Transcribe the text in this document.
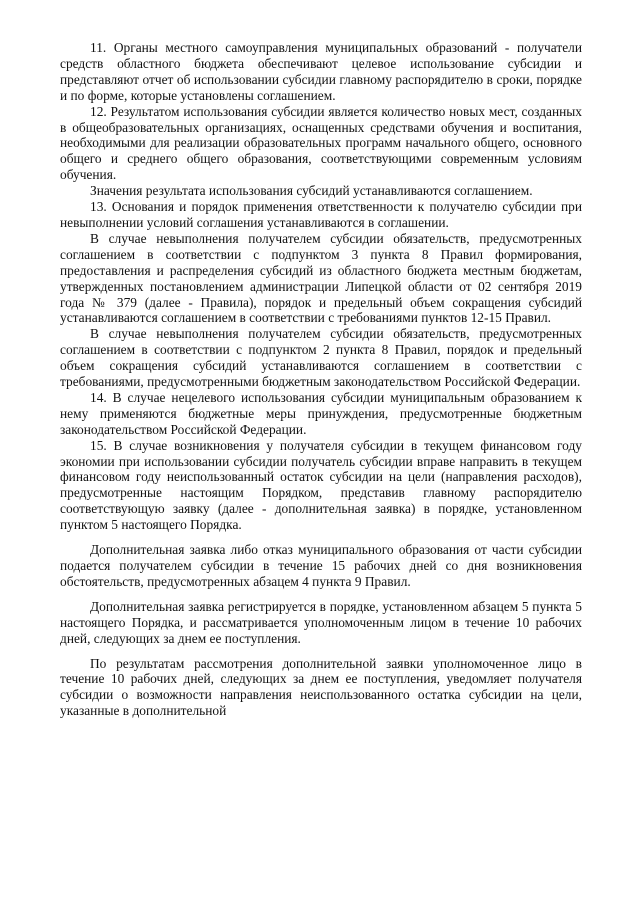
11. Органы местного самоуправления муниципальных образований - получатели средств областного бюджета обеспечивают целевое использование субсидии и представляют отчет об использовании субсидии главному распорядителю в сроки, порядке и по форме, которые установлены соглашением.

12. Результатом использования субсидии является количество новых мест, созданных в общеобразовательных организациях, оснащенных средствами обучения и воспитания, необходимыми для реализации образовательных программ начального общего, основного общего и среднего общего образования, соответствующими современным условиям обучения.

Значения результата использования субсидий устанавливаются соглашением.

13. Основания и порядок применения ответственности к получателю субсидии при невыполнении условий соглашения устанавливаются в соглашении.

В случае невыполнения получателем субсидии обязательств, предусмотренных соглашением в соответствии с подпунктом 3 пункта 8 Правил формирования, предоставления и распределения субсидий из областного бюджета местным бюджетам, утвержденных постановлением администрации Липецкой области от 02 сентября 2019 года № 379 (далее - Правила), порядок и предельный объем сокращения субсидий устанавливаются соглашением в соответствии с требованиями пунктов 12-15 Правил.

В случае невыполнения получателем субсидии обязательств, предусмотренных соглашением в соответствии с подпунктом 2 пункта 8 Правил, порядок и предельный объем сокращения субсидий устанавливаются соглашением в соответствии с требованиями, предусмотренными бюджетным законодательством Российской Федерации.

14. В случае нецелевого использования субсидии муниципальным образованием к нему применяются бюджетные меры принуждения, предусмотренные бюджетным законодательством Российской Федерации.

15. В случае возникновения у получателя субсидии в текущем финансовом году экономии при использовании субсидии получатель субсидии вправе направить в текущем финансовом году неиспользованный остаток субсидии на цели (направления расходов), предусмотренные настоящим Порядком, представив главному распорядителю соответствующую заявку (далее - дополнительная заявка) в порядке, установленном пунктом 5 настоящего Порядка.

Дополнительная заявка либо отказ муниципального образования от части субсидии подается получателем субсидии в течение 15 рабочих дней со дня возникновения обстоятельств, предусмотренных абзацем 4 пункта 9 Правил.

Дополнительная заявка регистрируется в порядке, установленном абзацем 5 пункта 5 настоящего Порядка, и рассматривается уполномоченным лицом в течение 10 рабочих дней, следующих за днем ее поступления.

По результатам рассмотрения дополнительной заявки уполномоченное лицо в течение 10 рабочих дней, следующих за днем ее поступления, уведомляет получателя субсидии о возможности направления неиспользованного остатка субсидии на цели, указанные в дополнительной
